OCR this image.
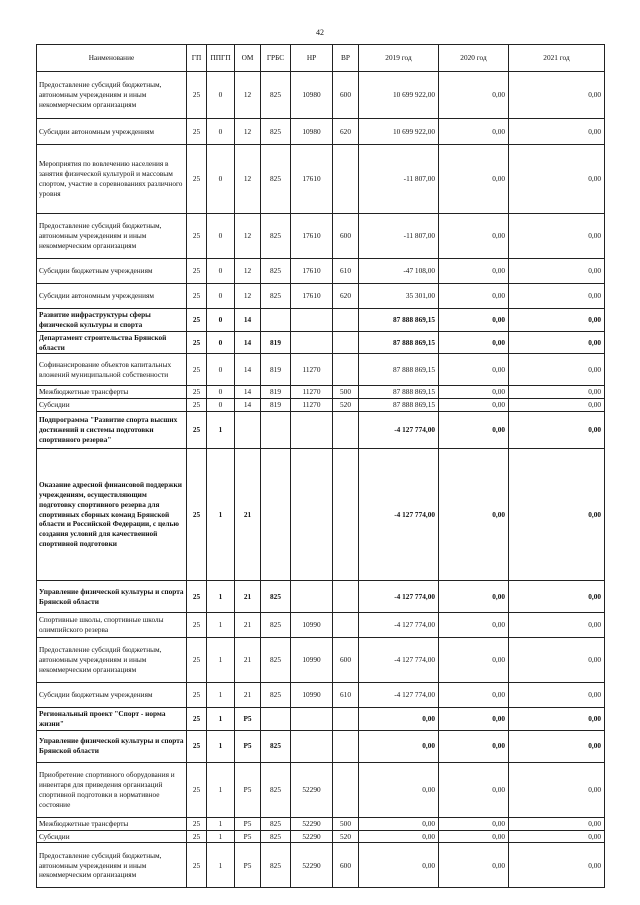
42
Наименование	ГП	ППГП	ОМ	ГРБС	НР	ВР	2019 год	2020 год	2021 год
Предоставление субсидий бюджетным, автономным учреждениям и иным некоммерческим организациям	25	0	12	825	10980	600	10 699 922,00	0,00	0,00
Субсидии автономным учреждениям	25	0	12	825	10980	620	10 699 922,00	0,00	0,00
Мероприятия по вовлечению населения в занятия физической культурой и массовым спортом, участие в соревнованиях различного уровня	25	0	12	825	17610		-11 807,00	0,00	0,00
Предоставление субсидий бюджетным, автономным учреждениям и иным некоммерческим организациям	25	0	12	825	17610	600	-11 807,00	0,00	0,00
Субсидии бюджетным учреждениям	25	0	12	825	17610	610	-47 108,00	0,00	0,00
Субсидии автономным учреждениям	25	0	12	825	17610	620	35 301,00	0,00	0,00
Развитие инфраструктуры сферы физической культуры и спорта	25	0	14				87 888 869,15	0,00	0,00
Департамент строительства Брянской области	25	0	14	819			87 888 869,15	0,00	0,00
Софинансирование объектов капитальных вложений муниципальной собственности	25	0	14	819	11270		87 888 869,15	0,00	0,00
Межбюджетные трансферты	25	0	14	819	11270	500	87 888 869,15	0,00	0,00
Субсидии	25	0	14	819	11270	520	87 888 869,15	0,00	0,00
Подпрограмма "Развитие спорта высших достижений и системы подготовки спортивного резерва"	25	1					-4 127 774,00	0,00	0,00
Оказание адресной финансовой поддержки учреждениям, осуществляющим подготовку спортивного резерва для спортивных сборных команд Брянской области и Российской Федерации, с целью создания условий для качественной спортивной подготовки	25	1	21				-4 127 774,00	0,00	0,00
Управление физической культуры и спорта Брянской области	25	1	21	825			-4 127 774,00	0,00	0,00
Спортивные школы, спортивные школы олимпийского резерва	25	1	21	825	10990		-4 127 774,00	0,00	0,00
Предоставление субсидий бюджетным, автономным учреждениям и иным некоммерческим организациям	25	1	21	825	10990	600	-4 127 774,00	0,00	0,00
Субсидии бюджетным учреждениям	25	1	21	825	10990	610	-4 127 774,00	0,00	0,00
Региональный проект "Спорт - норма жизни"	25	1	Р5				0,00	0,00	0,00
Управление физической культуры и спорта Брянской области	25	1	Р5	825			0,00	0,00	0,00
Приобретение спортивного оборудования и инвентаря для приведения организаций спортивной подготовки в нормативное состояние	25	1	Р5	825	52290		0,00	0,00	0,00
Межбюджетные трансферты	25	1	Р5	825	52290	500	0,00	0,00	0,00
Субсидии	25	1	Р5	825	52290	520	0,00	0,00	0,00
Предоставление субсидий бюджетным, автономным учреждениям и иным некоммерческим организациям	25	1	Р5	825	52290	600	0,00	0,00	0,00
